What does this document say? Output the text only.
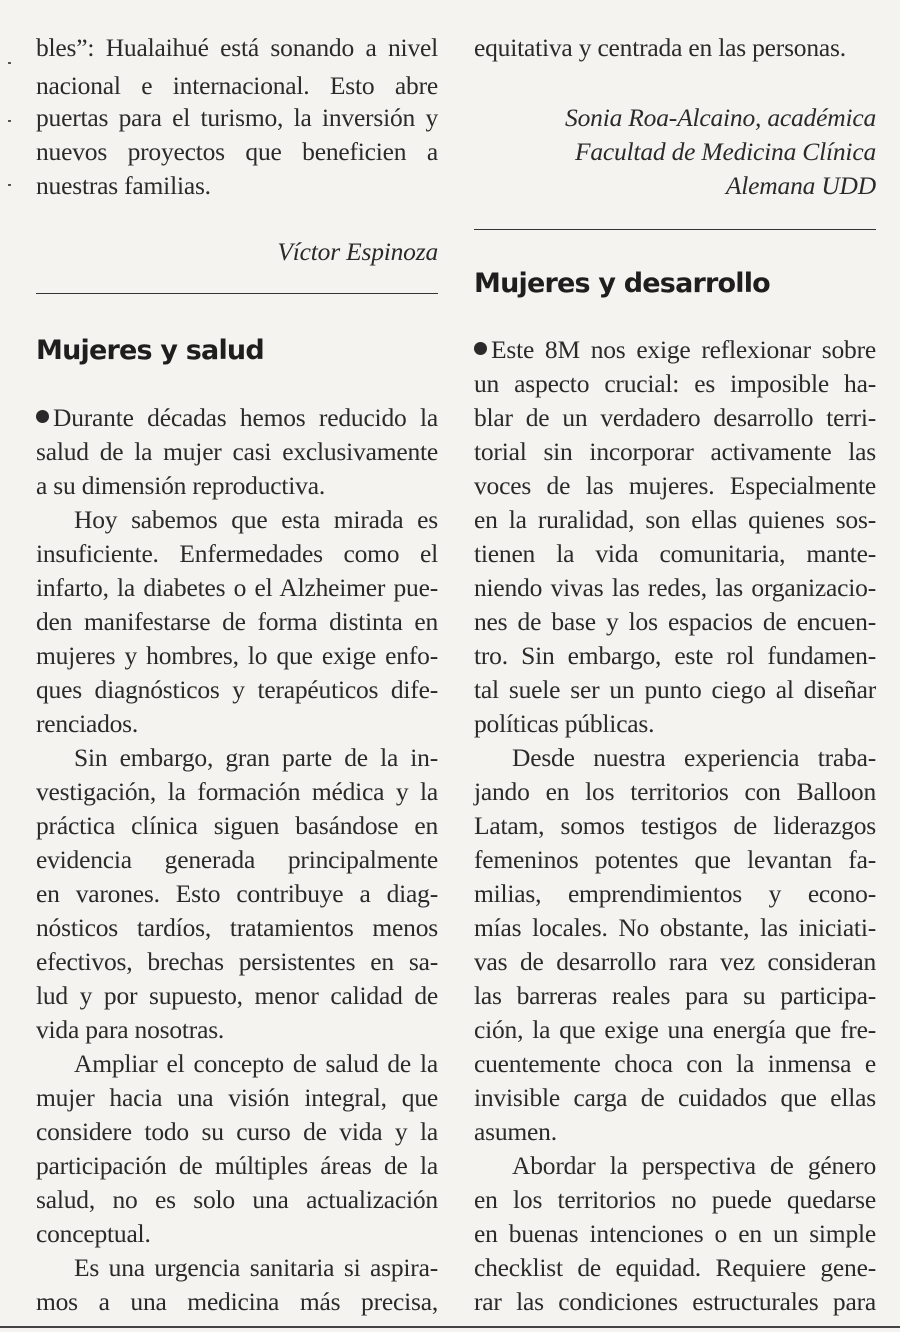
bles”: Hualaihué está sonando a nivel
nacional e internacional. Esto abre
puertas para el turismo, la inversión y
nuevos proyectos que beneficien a
nuestras familias.
Víctor Espinoza
Mujeres y salud
Durante décadas hemos reducido la
salud de la mujer casi exclusivamente
a su dimensión reproductiva.
Hoy sabemos que esta mirada es
insuficiente. Enfermedades como el
infarto, la diabetes o el Alzheimer pue-
den manifestarse de forma distinta en
mujeres y hombres, lo que exige enfo-
ques diagnósticos y terapéuticos dife-
renciados.
Sin embargo, gran parte de la in-
vestigación, la formación médica y la
práctica clínica siguen basándose en
evidencia generada principalmente
en varones. Esto contribuye a diag-
nósticos tardíos, tratamientos menos
efectivos, brechas persistentes en sa-
lud y por supuesto, menor calidad de
vida para nosotras.
Ampliar el concepto de salud de la
mujer hacia una visión integral, que
considere todo su curso de vida y la
participación de múltiples áreas de la
salud, no es solo una actualización
conceptual.
Es una urgencia sanitaria si aspira-
mos a una medicina más precisa,
equitativa y centrada en las personas.
Sonia Roa-Alcaino, académica
Facultad de Medicina Clínica
Alemana UDD
Mujeres y desarrollo
Este 8M nos exige reflexionar sobre
un aspecto crucial: es imposible ha-
blar de un verdadero desarrollo terri-
torial sin incorporar activamente las
voces de las mujeres. Especialmente
en la ruralidad, son ellas quienes sos-
tienen la vida comunitaria, mante-
niendo vivas las redes, las organizacio-
nes de base y los espacios de encuen-
tro. Sin embargo, este rol fundamen-
tal suele ser un punto ciego al diseñar
políticas públicas.
Desde nuestra experiencia traba-
jando en los territorios con Balloon
Latam, somos testigos de liderazgos
femeninos potentes que levantan fa-
milias, emprendimientos y econo-
mías locales. No obstante, las iniciati-
vas de desarrollo rara vez consideran
las barreras reales para su participa-
ción, la que exige una energía que fre-
cuentemente choca con la inmensa e
invisible carga de cuidados que ellas
asumen.
Abordar la perspectiva de género
en los territorios no puede quedarse
en buenas intenciones o en un simple
checklist de equidad. Requiere gene-
rar las condiciones estructurales para
